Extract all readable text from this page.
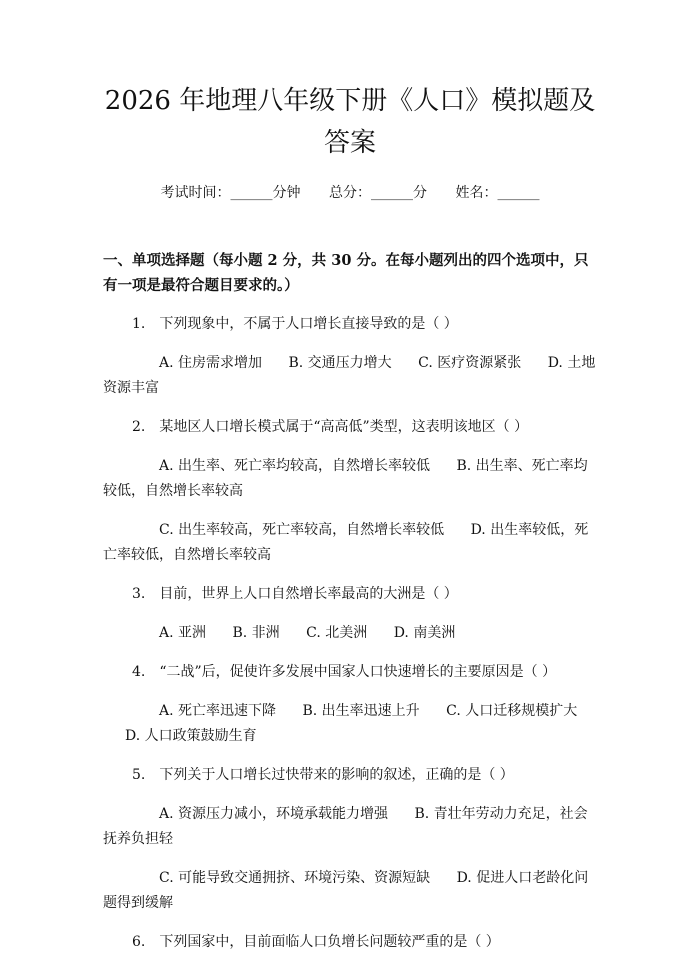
2026 年地理八年级下册《人口》模拟题及答案
考试时间：______分钟 总分：______分 姓名：______
一、单项选择题（每小题 2 分，共 30 分。在每小题列出的四个选项中，只有一项是最符合题目要求的。）

1.　下列现象中，不属于人口增长直接导致的是（ ）

A. 住房需求增加 B. 交通压力增大 C. 医疗资源紧张 D. 土地资源丰富

2.　某地区人口增长模式属于“高高低”类型，这表明该地区（ ）

A. 出生率、死亡率均较高，自然增长率较低 B. 出生率、死亡率均较低，自然增长率较高

C. 出生率较高，死亡率较高，自然增长率较低 D. 出生率较低，死亡率较低，自然增长率较高

3.　目前，世界上人口自然增长率最高的大洲是（ ）

A. 亚洲 B. 非洲 C. 北美洲 D. 南美洲

4.　“二战”后，促使许多发展中国家人口快速增长的主要原因是（ ）

A. 死亡率迅速下降 B. 出生率迅速上升 C. 人口迁移规模扩大 D. 人口政策鼓励生育

5.　下列关于人口增长过快带来的影响的叙述，正确的是（ ）

A. 资源压力减小，环境承载能力增强 B. 青壮年劳动力充足，社会抚养负担轻

C. 可能导致交通拥挤、环境污染、资源短缺 D. 促进人口老龄化问题得到缓解

6.　下列国家中，目前面临人口负增长问题较严重的是（ ）
